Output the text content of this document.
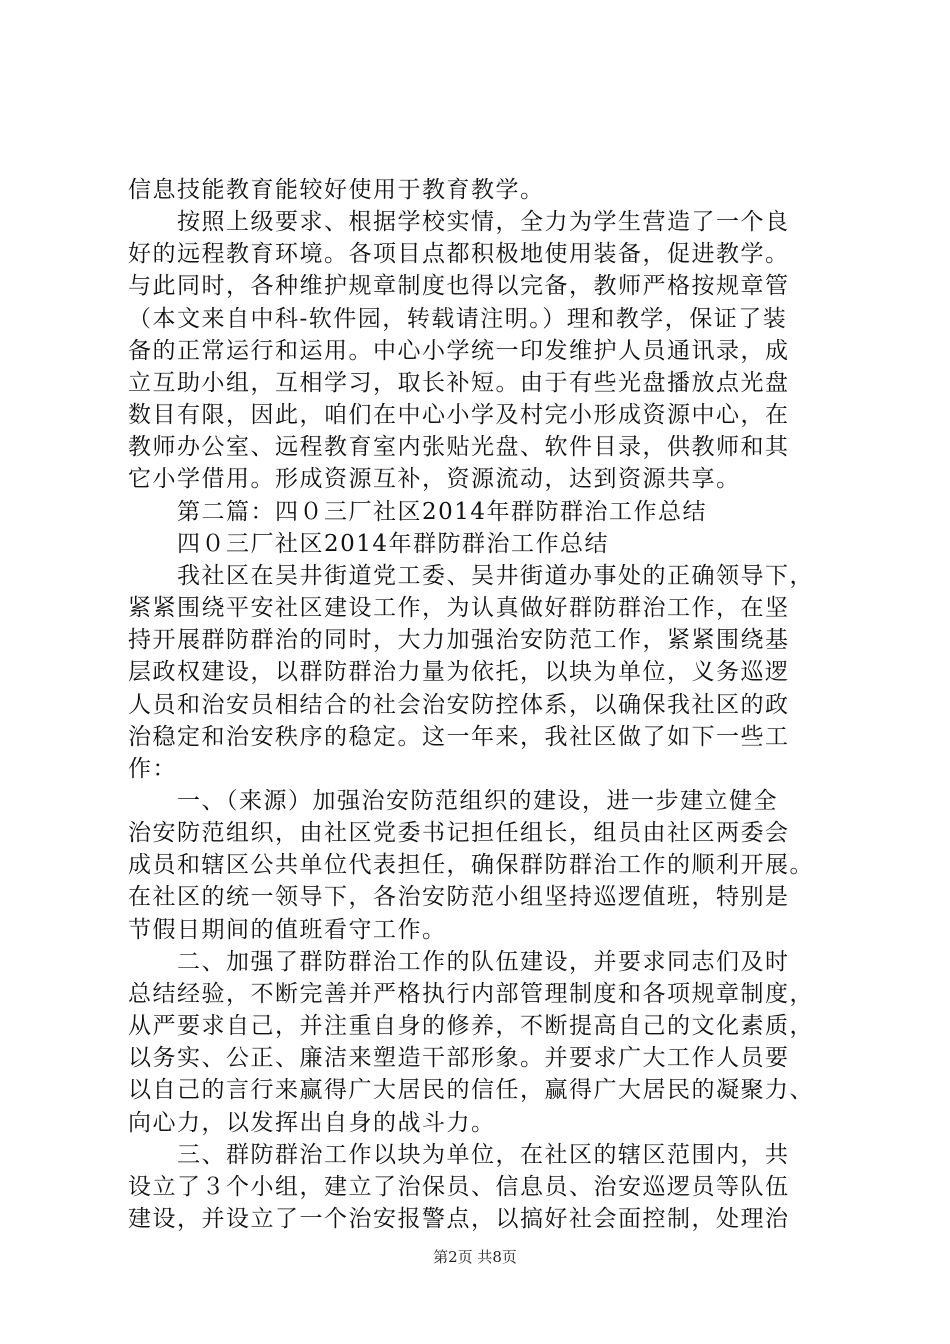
信息技能教育能较好使用于教育教学。
　　按照上级要求、根据学校实情，全力为学生营造了一个良
好的远程教育环境。各项目点都积极地使用装备，促进教学。
与此同时，各种维护规章制度也得以完备，教师严格按规章管
（本文来自中科-软件园，转载请注明。）理和教学，保证了装
备的正常运行和运用。中心小学统一印发维护人员通讯录，成
立互助小组，互相学习，取长补短。由于有些光盘播放点光盘
数目有限，因此，咱们在中心小学及村完小形成资源中心，在
教师办公室、远程教育室内张贴光盘、软件目录，供教师和其
它小学借用。形成资源互补，资源流动，达到资源共享。
　　第二篇：四０三厂社区2014年群防群治工作总结
　　四０三厂社区2014年群防群治工作总结
　　我社区在吴井街道党工委、吴井街道办事处的正确领导下，
紧紧围绕平安社区建设工作，为认真做好群防群治工作，在坚
持开展群防群治的同时，大力加强治安防范工作，紧紧围绕基
层政权建设，以群防群治力量为依托，以块为单位，义务巡逻
人员和治安员相结合的社会治安防控体系，以确保我社区的政
治稳定和治安秩序的稳定。这一年来，我社区做了如下一些工
作：
　　一、（来源）加强治安防范组织的建设，进一步建立健全
治安防范组织，由社区党委书记担任组长，组员由社区两委会
成员和辖区公共单位代表担任，确保群防群治工作的顺利开展。
在社区的统一领导下，各治安防范小组坚持巡逻值班，特别是
节假日期间的值班看守工作。
　　二、加强了群防群治工作的队伍建设，并要求同志们及时
总结经验，不断完善并严格执行内部管理制度和各项规章制度，
从严要求自己，并注重自身的修养，不断提高自己的文化素质，
以务实、公正、廉洁来塑造干部形象。并要求广大工作人员要
以自己的言行来赢得广大居民的信任，赢得广大居民的凝聚力、
向心力，以发挥出自身的战斗力。
　　三、群防群治工作以块为单位，在社区的辖区范围内，共
设立了３个小组，建立了治保员、信息员、治安巡逻员等队伍
建设，并设立了一个治安报警点，以搞好社会面控制，处理治
第2页 共8页
